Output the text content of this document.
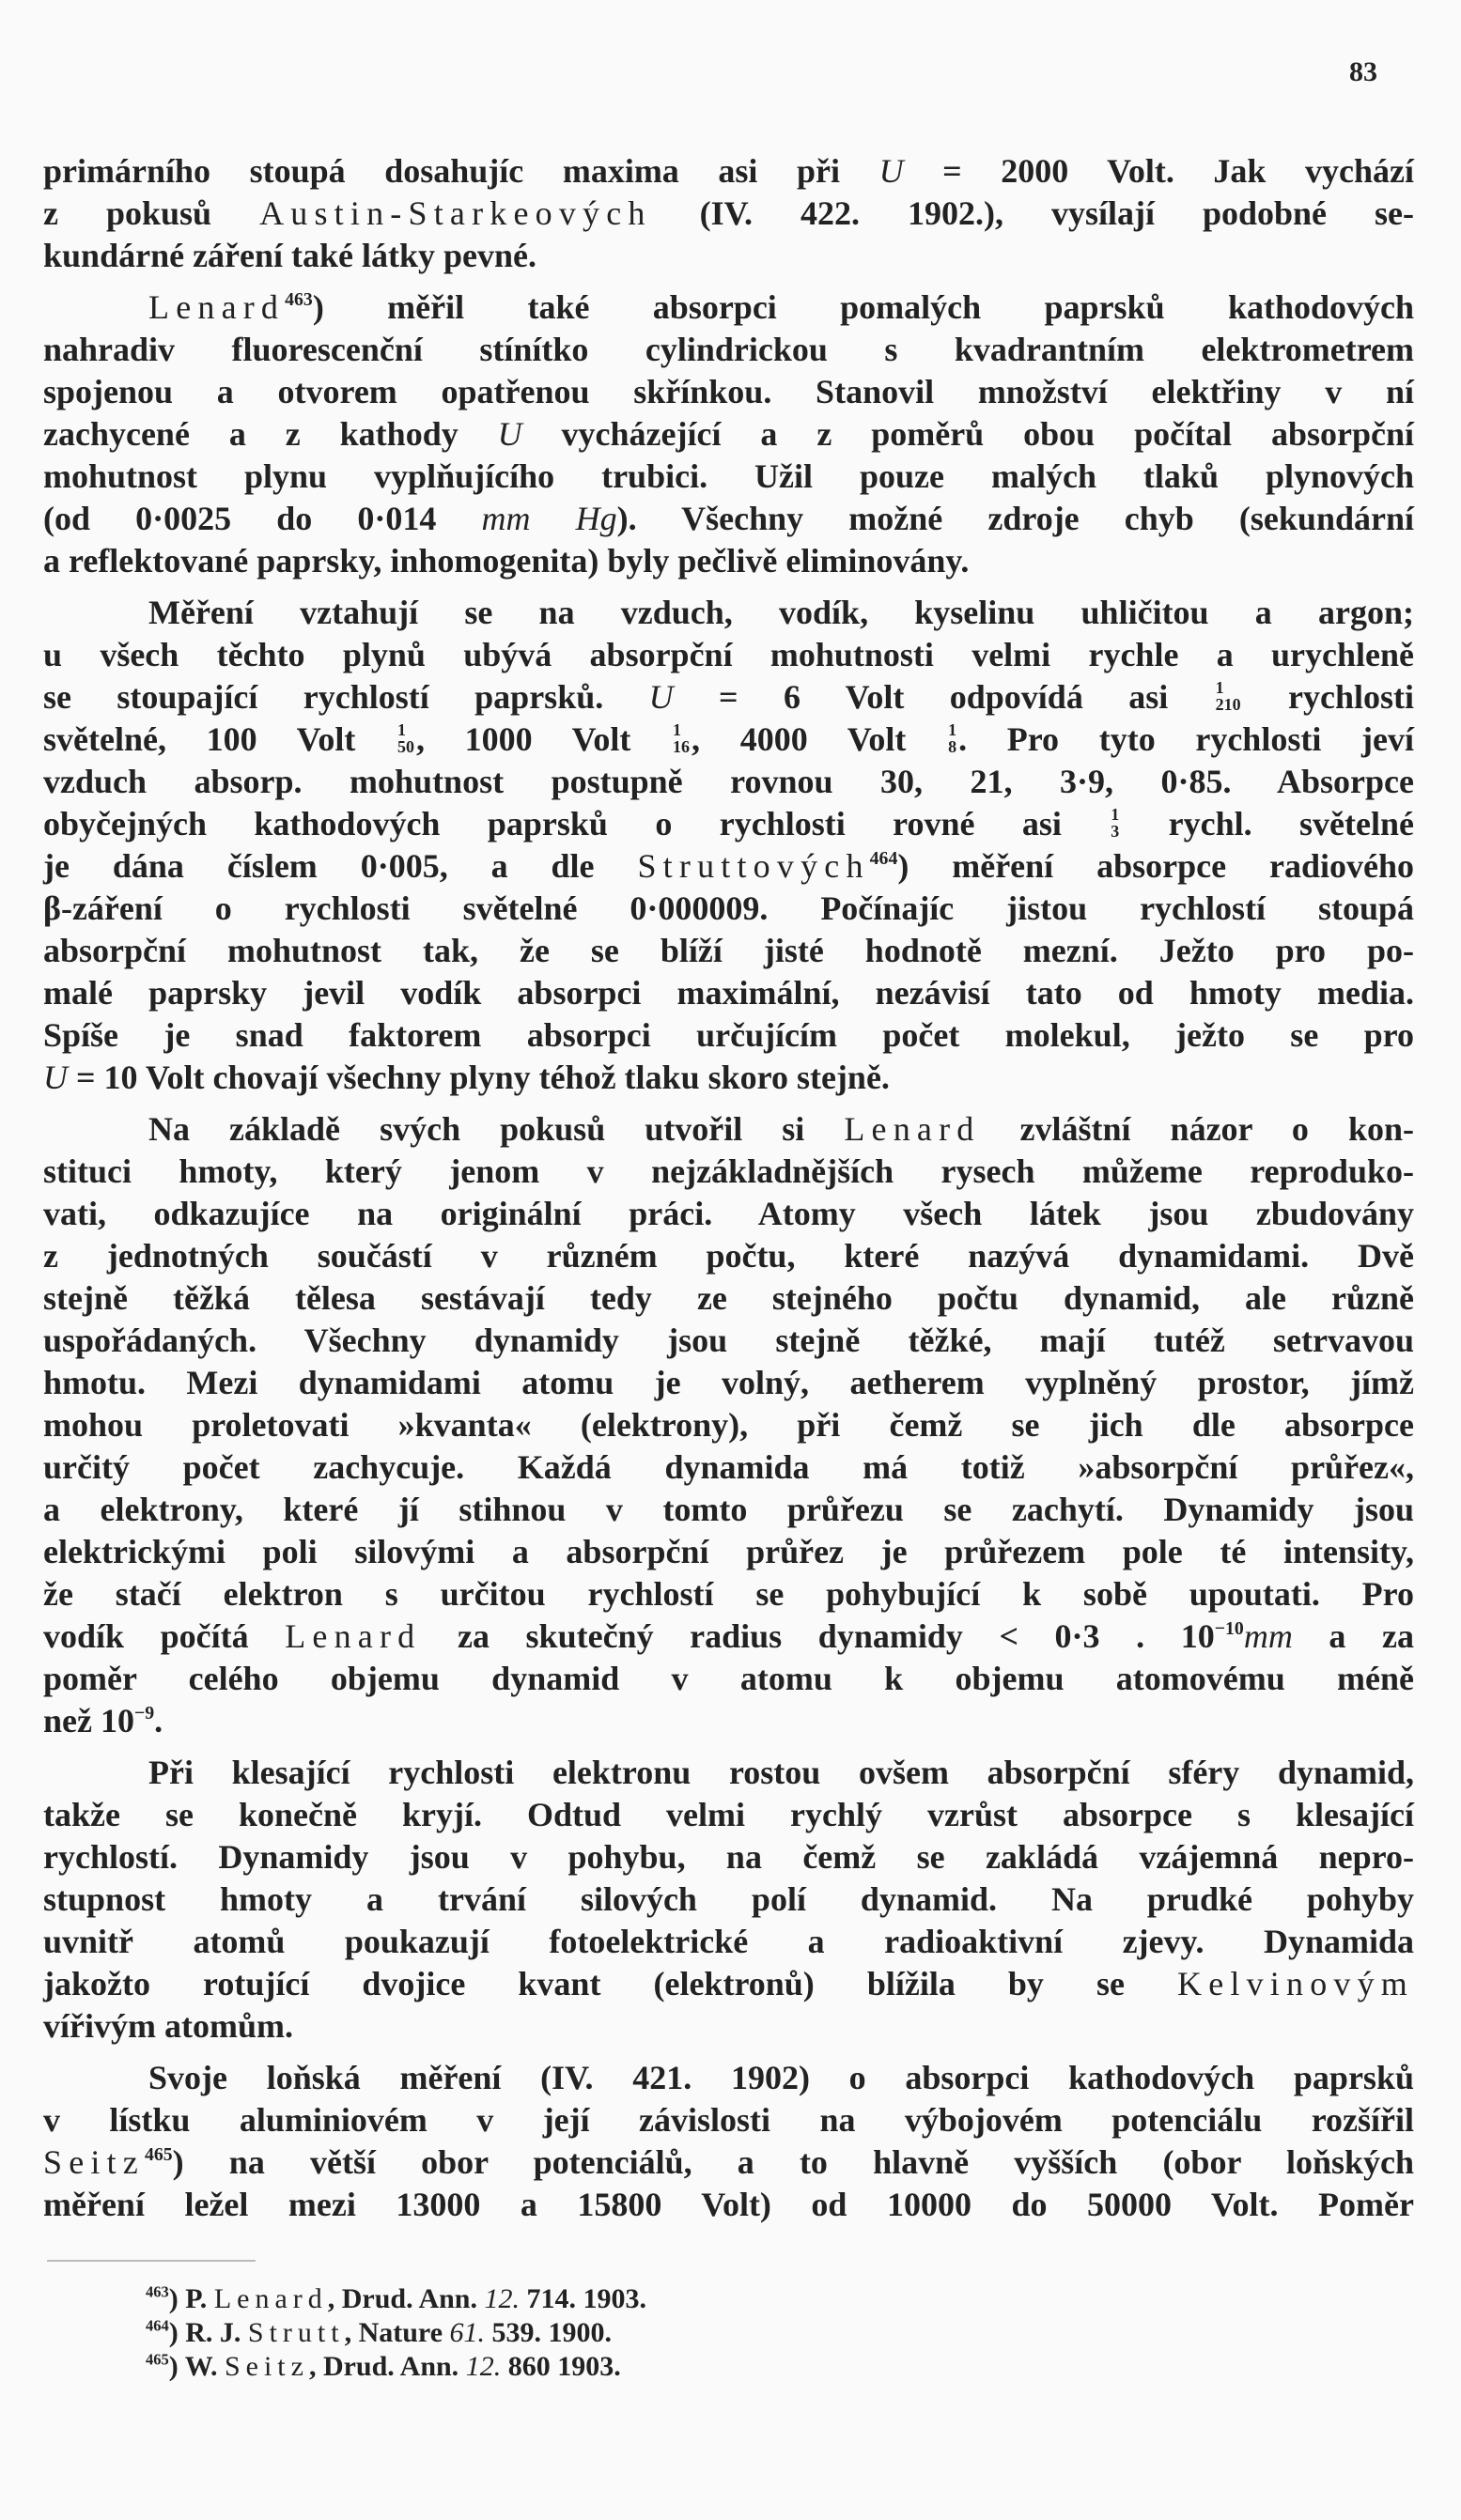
83
primárního stoupá dosahujíc maxima asi při U = 2000 Volt. Jak vychází
z pokusů Austin-Starkeových (IV. 422. 1902.), vysílají podobné se-
kundárné záření také látky pevné.
Lenard$^{463}$) měřil také absorpci pomalých paprsků kathodových
nahradiv fluorescenční stínítko cylindrickou s kvadrantním elektrometrem
spojenou a otvorem opatřenou skřínkou. Stanovil množství elektřiny v ní
zachycené a z kathody U vycházející a z poměrů obou počítal absorpční
mohutnost plynu vyplňujícího trubici. Užil pouze malých tlaků plynových
(od 0·0025 do 0·014 mm Hg). Všechny možné zdroje chyb (sekundární
a reflektované paprsky, inhomogenita) byly pečlivě eliminovány.
Měření vztahují se na vzduch, vodík, kyselinu uhličitou a argon;
u všech těchto plynů ubývá absorpční mohutnosti velmi rychle a urychleně
se stoupající rychlostí paprsků. U = 6 Volt odpovídá asi 1
210 rychlosti
světelné, 100 Volt 1
50 , 1000 Volt 1
16 , 4000 Volt 1
8 . Pro tyto rychlosti jeví
vzduch absorp. mohutnost postupně rovnou 30, 21, 3·9, 0·85. Absorpce
obyčejných kathodových paprsků o rychlosti rovné asi 1
3 rychl. světelné
je dána číslem 0·005, a dle Struttových$^{464}$) měření absorpce radiového
β-záření o rychlosti světelné 0·000009. Počínajíc jistou rychlostí stoupá
absorpční mohutnost tak, že se blíží jisté hodnotě mezní. Ježto pro po-
malé paprsky jevil vodík absorpci maximální, nezávisí tato od hmoty media.
Spíše je snad faktorem absorpci určujícím počet molekul, ježto se pro
U = 10 Volt chovají všechny plyny téhož tlaku skoro stejně.
Na základě svých pokusů utvořil si Lenard zvláštní názor o kon-
stituci hmoty, který jenom v nejzákladnějších rysech můžeme reproduko-
vati, odkazujíce na originální práci. Atomy všech látek jsou zbudovány
z jednotných součástí v různém počtu, které nazývá dynamidami. Dvě
stejně těžká tělesa sestávají tedy ze stejného počtu dynamid, ale různě
uspořádaných. Všechny dynamidy jsou stejně těžké, mají tutéž setrvavou
hmotu. Mezi dynamidami atomu je volný, aetherem vyplněný prostor, jímž
mohou proletovati »kvanta« (elektrony), při čemž se jich dle absorpce
určitý počet zachycuje. Každá dynamida má totiž »absorpční průřez«,
a elektrony, které jí stihnou v tomto průřezu se zachytí. Dynamidy jsou
elektrickými poli silovými a absorpční průřez je průřezem pole té intensity,
že stačí elektron s určitou rychlostí se pohybující k sobě upoutati. Pro
vodík počítá Lenard za skutečný radius dynamidy < 0·3 . $10^{-10}mm$ a za
poměr celého objemu dynamid v atomu k objemu atomovému méně
než $10^{-9}$.
Při klesající rychlosti elektronu rostou ovšem absorpční sféry dynamid,
takže se konečně kryjí. Odtud velmi rychlý vzrůst absorpce s klesající
rychlostí. Dynamidy jsou v pohybu, na čemž se zakládá vzájemná nepro-
stupnost hmoty a trvání silových polí dynamid. Na prudké pohyby
uvnitř atomů poukazují fotoelektrické a radioaktivní zjevy. Dynamida
jakožto rotující dvojice kvant (elektronů) blížila by se Kelvinovým
vířivým atomům.
Svoje loňská měření (IV. 421. 1902) o absorpci kathodových paprsků
v lístku aluminiovém v její závislosti na výbojovém potenciálu rozšířil
Seitz$^{465}$) na větší obor potenciálů, a to hlavně vyšších (obor loňských
měření ležel mezi 13000 a 15800 Volt) od 10000 do 50000 Volt. Poměr
$^{463}$) P. Lenard, Drud. Ann. 12. 714. 1903.
$^{464}$) R. J. Strutt, Nature 61. 539. 1900.
$^{465}$) W. Seitz, Drud. Ann. 12. 860 1903.
